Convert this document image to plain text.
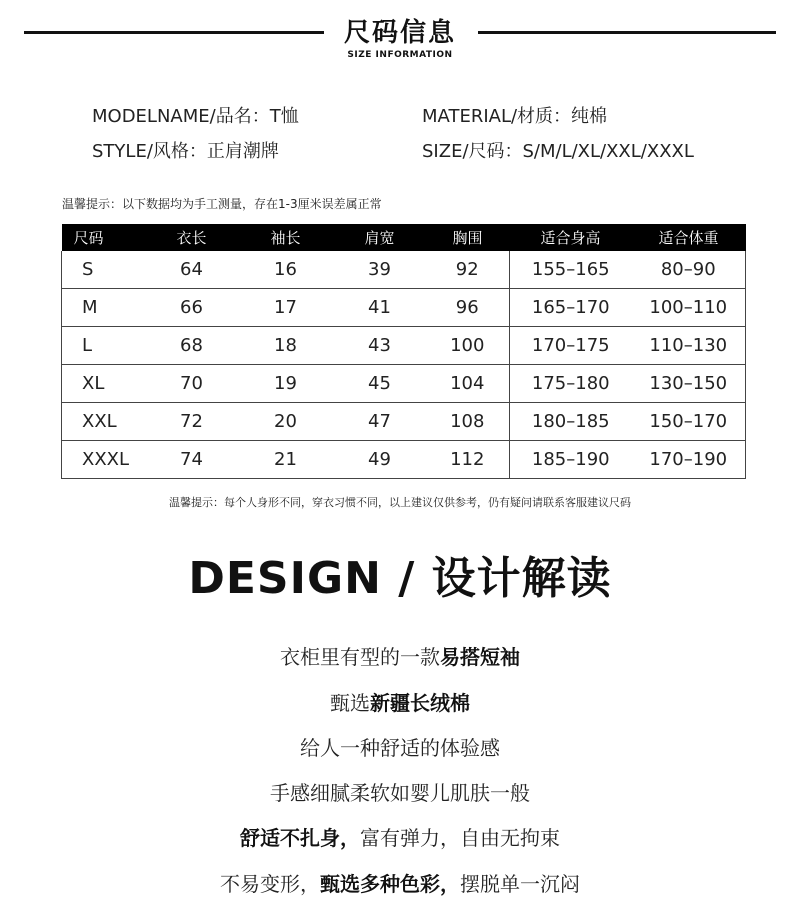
尺码信息
SIZE INFORMATION
MODELNAME/品名：T恤	MATERIAL/材质：纯棉
STYLE/风格：正肩潮牌	SIZE/尺码：S/M/L/XL/XXL/XXXL
温馨提示：以下数据均为手工测量，存在1-3厘米误差属正常
尺码	衣长	袖长	肩宽	胸围	适合身高	适合体重
S	64	16	39	92	155–165	80–90
M	66	17	41	96	165–170	100–110
L	68	18	43	100	170–175	110–130
XL	70	19	45	104	175–180	130–150
XXL	72	20	47	108	180–185	150–170
XXXL	74	21	49	112	185–190	170–190
温馨提示：每个人身形不同，穿衣习惯不同，以上建议仅供参考，仍有疑问请联系客服建议尺码
DESIGN / 设计解读
衣柜里有型的一款易搭短袖
甄选新疆长绒棉
给人一种舒适的体验感
手感细腻柔软如婴儿肌肤一般
舒适不扎身，富有弹力，自由无拘束
不易变形，甄选多种色彩，摆脱单一沉闷
